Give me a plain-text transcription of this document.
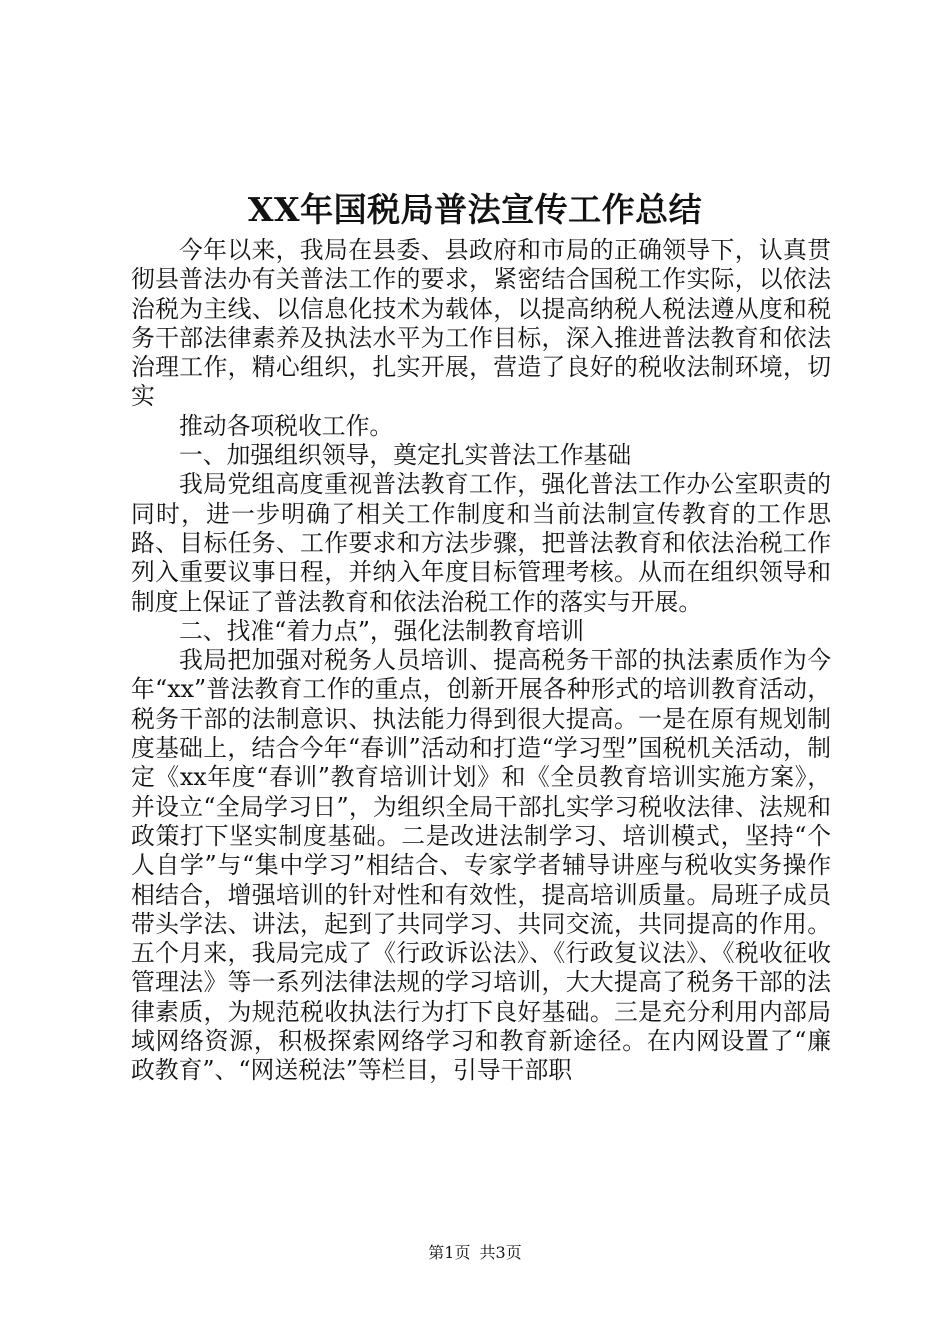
XX年国税局普法宣传工作总结

今年以来，我局在县委、县政府和市局的正确领导下，认真贯彻县普法办有关普法工作的要求，紧密结合国税工作实际，以依法治税为主线、以信息化技术为载体，以提高纳税人税法遵从度和税务干部法律素养及执法水平为工作目标，深入推进普法教育和依法治理工作，精心组织，扎实开展，营造了良好的税收法制环境，切实

推动各项税收工作。

一、加强组织领导，奠定扎实普法工作基础

我局党组高度重视普法教育工作，强化普法工作办公室职责的同时，进一步明确了相关工作制度和当前法制宣传教育的工作思路、目标任务、工作要求和方法步骤，把普法教育和依法治税工作列入重要议事日程，并纳入年度目标管理考核。从而在组织领导和制度上保证了普法教育和依法治税工作的落实与开展。

二、找准“着力点”，强化法制教育培训

我局把加强对税务人员培训、提高税务干部的执法素质作为今年“xx”普法教育工作的重点，创新开展各种形式的培训教育活动，税务干部的法制意识、执法能力得到很大提高。一是在原有规划制度基础上，结合今年“春训”活动和打造“学习型”国税机关活动，制定《xx年度“春训”教育培训计划》和《全员教育培训实施方案》，并设立“全局学习日”，为组织全局干部扎实学习税收法律、法规和政策打下坚实制度基础。二是改进法制学习、培训模式，坚持“个人自学”与“集中学习”相结合、专家学者辅导讲座与税收实务操作相结合，增强培训的针对性和有效性，提高培训质量。局班子成员带头学法、讲法，起到了共同学习、共同交流，共同提高的作用。五个月来，我局完成了《行政诉讼法》、《行政复议法》、《税收征收管理法》等一系列法律法规的学习培训，大大提高了税务干部的法律素质，为规范税收执法行为打下良好基础。三是充分利用内部局域网络资源，积极探索网络学习和教育新途径。在内网设置了“廉政教育”、“网送税法”等栏目，引导干部职

第1页 共3页
